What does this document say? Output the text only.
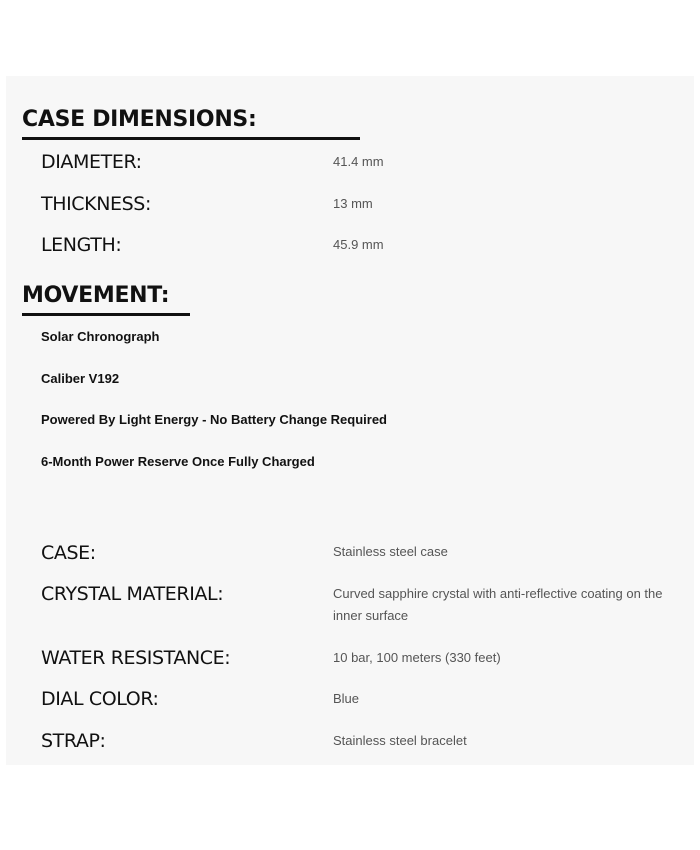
CASE DIMENSIONS:
DIAMETER:	41.4 mm
THICKNESS:	13 mm
LENGTH:	45.9 mm
MOVEMENT:
Solar Chronograph
Caliber V192
Powered By Light Energy - No Battery Change Required
6-Month Power Reserve Once Fully Charged
CASE:	Stainless steel case
CRYSTAL MATERIAL:	Curved sapphire crystal with anti-reflective coating on the inner surface
WATER RESISTANCE:	10 bar, 100 meters (330 feet)
DIAL COLOR:	Blue
STRAP:	Stainless steel bracelet
